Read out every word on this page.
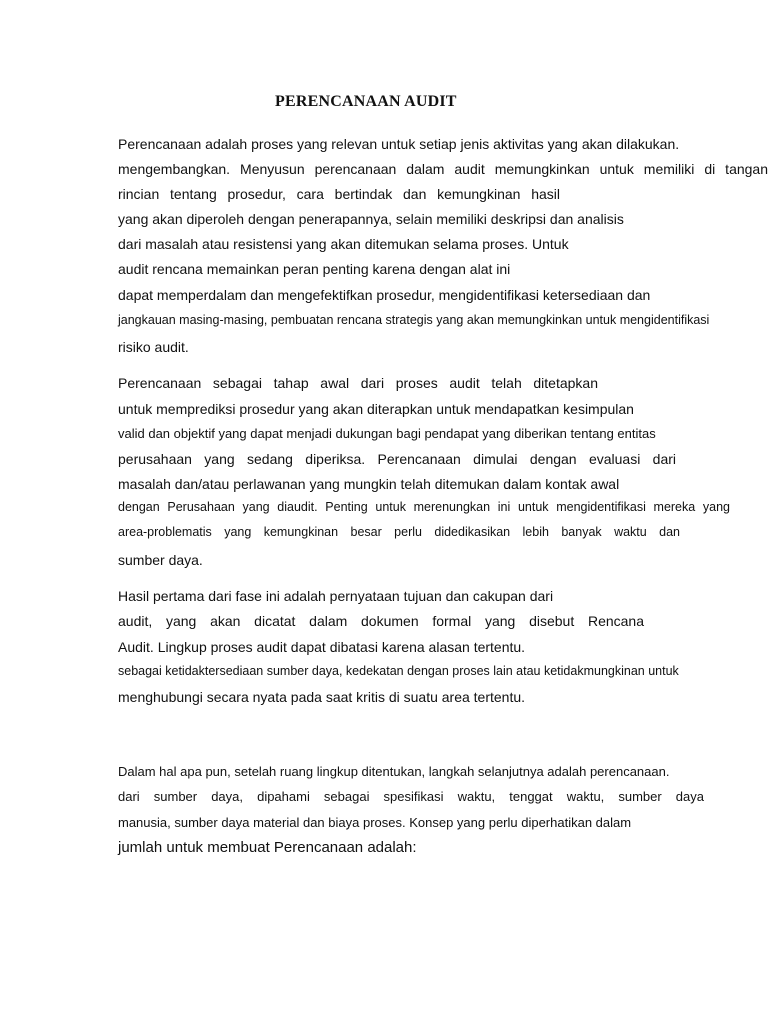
PERENCANAAN AUDIT

Perencanaan adalah proses yang relevan untuk setiap jenis aktivitas yang akan dilakukan.

mengembangkan. Menyusun perencanaan dalam audit memungkinkan untuk memiliki di tangan

rincian tentang prosedur, cara bertindak dan kemungkinan hasil

yang akan diperoleh dengan penerapannya, selain memiliki deskripsi dan analisis

dari masalah atau resistensi yang akan ditemukan selama proses. Untuk

audit rencana memainkan peran penting karena dengan alat ini

dapat memperdalam dan mengefektifkan prosedur, mengidentifikasi ketersediaan dan

jangkauan masing-masing, pembuatan rencana strategis yang akan memungkinkan untuk mengidentifikasi

risiko audit.

Perencanaan sebagai tahap awal dari proses audit telah ditetapkan

untuk memprediksi prosedur yang akan diterapkan untuk mendapatkan kesimpulan

valid dan objektif yang dapat menjadi dukungan bagi pendapat yang diberikan tentang entitas

perusahaan yang sedang diperiksa. Perencanaan dimulai dengan evaluasi dari

masalah dan/atau perlawanan yang mungkin telah ditemukan dalam kontak awal

dengan Perusahaan yang diaudit. Penting untuk merenungkan ini untuk mengidentifikasi mereka yang

area-problematis yang kemungkinan besar perlu didedikasikan lebih banyak waktu dan

sumber daya.

Hasil pertama dari fase ini adalah pernyataan tujuan dan cakupan dari

audit, yang akan dicatat dalam dokumen formal yang disebut Rencana

Audit. Lingkup proses audit dapat dibatasi karena alasan tertentu.

sebagai ketidaktersediaan sumber daya, kedekatan dengan proses lain atau ketidakmungkinan untuk

menghubungi secara nyata pada saat kritis di suatu area tertentu.

Dalam hal apa pun, setelah ruang lingkup ditentukan, langkah selanjutnya adalah perencanaan.

dari sumber daya, dipahami sebagai spesifikasi waktu, tenggat waktu, sumber daya

manusia, sumber daya material dan biaya proses. Konsep yang perlu diperhatikan dalam

jumlah untuk membuat Perencanaan adalah:
